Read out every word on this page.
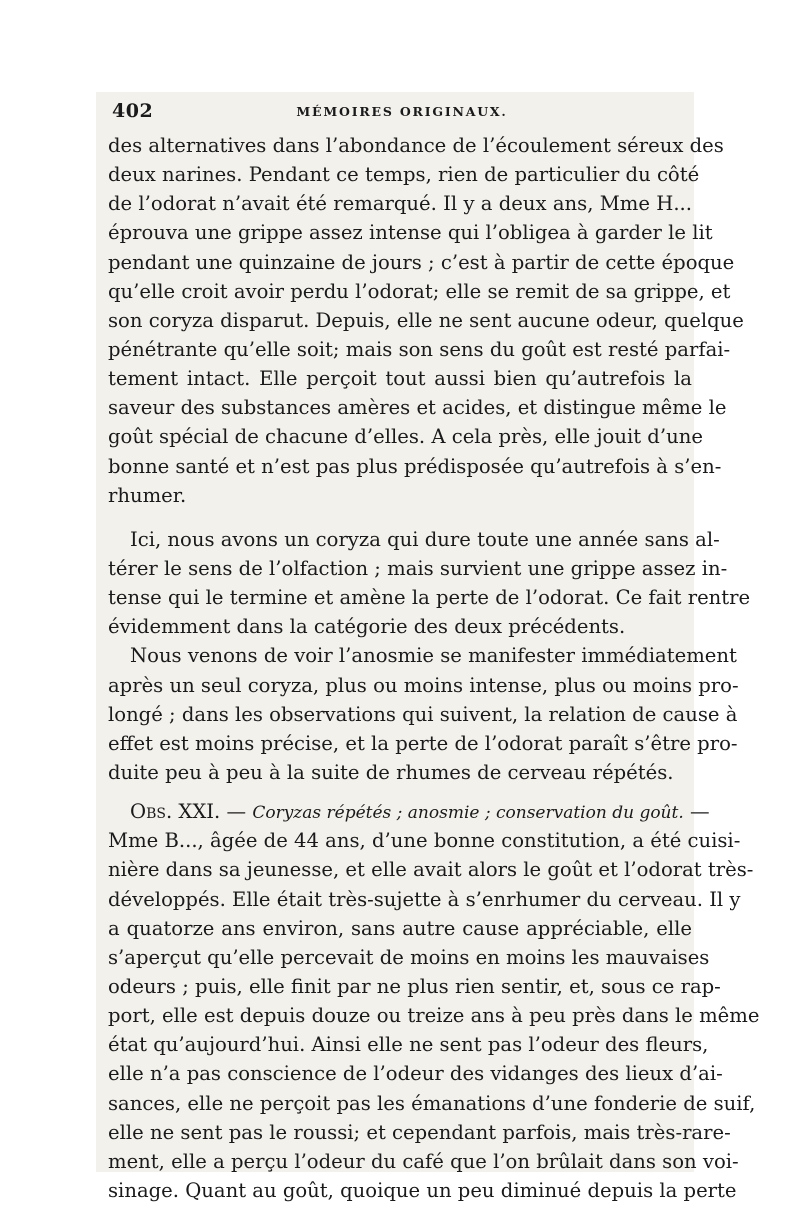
402	MÉMOIRES ORIGINAUX.
des alternatives dans l’abondance de l’écoulement séreux des
deux narines. Pendant ce temps, rien de particulier du côté
de l’odorat n’avait été remarqué. Il y a deux ans, Mme H...
éprouva une grippe assez intense qui l’obligea à garder le lit
pendant une quinzaine de jours ; c’est à partir de cette époque
qu’elle croit avoir perdu l’odorat; elle se remit de sa grippe, et
son coryza disparut. Depuis, elle ne sent aucune odeur, quelque
pénétrante qu’elle soit; mais son sens du goût est resté parfai-
tement intact. Elle perçoit tout aussi bien qu’autrefois la
saveur des substances amères et acides, et distingue même le
goût spécial de chacune d’elles. A cela près, elle jouit d’une
bonne santé et n’est pas plus prédisposée qu’autrefois à s’en-
rhumer.
Ici, nous avons un coryza qui dure toute une année sans al-
térer le sens de l’olfaction ; mais survient une grippe assez in-
tense qui le termine et amène la perte de l’odorat. Ce fait rentre
évidemment dans la catégorie des deux précédents.
Nous venons de voir l’anosmie se manifester immédiatement
après un seul coryza, plus ou moins intense, plus ou moins pro-
longé ; dans les observations qui suivent, la relation de cause à
effet est moins précise, et la perte de l’odorat paraît s’être pro-
duite peu à peu à la suite de rhumes de cerveau répétés.
Obs. XXI. — Coryzas répétés ; anosmie ; conservation du goût. —
Mme B..., âgée de 44 ans, d’une bonne constitution, a été cuisi-
nière dans sa jeunesse, et elle avait alors le goût et l’odorat très-
développés. Elle était très-sujette à s’enrhumer du cerveau. Il y
a quatorze ans environ, sans autre cause appréciable, elle
s’aperçut qu’elle percevait de moins en moins les mauvaises
odeurs ; puis, elle finit par ne plus rien sentir, et, sous ce rap-
port, elle est depuis douze ou treize ans à peu près dans le même
état qu’aujourd’hui. Ainsi elle ne sent pas l’odeur des fleurs,
elle n’a pas conscience de l’odeur des vidanges des lieux d’ai-
sances, elle ne perçoit pas les émanations d’une fonderie de suif,
elle ne sent pas le roussi; et cependant parfois, mais très-rare-
ment, elle a perçu l’odeur du café que l’on brûlait dans son voi-
sinage. Quant au goût, quoique un peu diminué depuis la perte
